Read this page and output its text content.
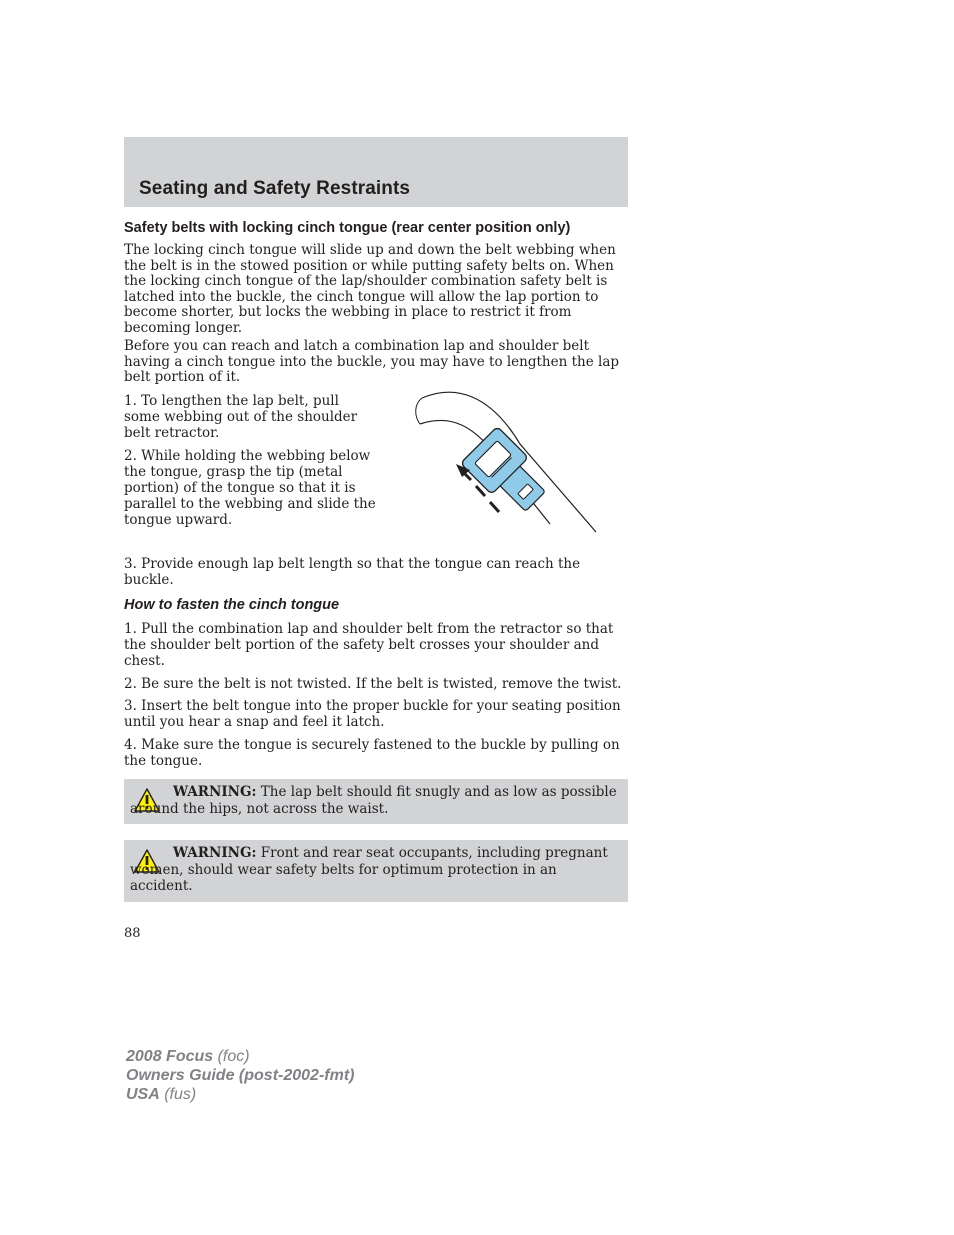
Seating and Safety Restraints
Safety belts with locking cinch tongue (rear center position only)

The locking cinch tongue will slide up and down the belt webbing when the belt is in the stowed position or while putting safety belts on. When the locking cinch tongue of the lap/shoulder combination safety belt is latched into the buckle, the cinch tongue will allow the lap portion to become shorter, but locks the webbing in place to restrict it from becoming longer.

Before you can reach and latch a combination lap and shoulder belt having a cinch tongue into the buckle, you may have to lengthen the lap belt portion of it.

1. To lengthen the lap belt, pull some webbing out of the shoulder belt retractor.

2. While holding the webbing below the tongue, grasp the tip (metal portion) of the tongue so that it is parallel to the webbing and slide the tongue upward.

3. Provide enough lap belt length so that the tongue can reach the buckle.

How to fasten the cinch tongue

1. Pull the combination lap and shoulder belt from the retractor so that the shoulder belt portion of the safety belt crosses your shoulder and chest.

2. Be sure the belt is not twisted. If the belt is twisted, remove the twist.

3. Insert the belt tongue into the proper buckle for your seating position until you hear a snap and feel it latch.

4. Make sure the tongue is securely fastened to the buckle by pulling on the tongue.

WARNING: The lap belt should fit snugly and as low as possible around the hips, not across the waist.

WARNING: Front and rear seat occupants, including pregnant women, should wear safety belts for optimum protection in an accident.

88

2008 Focus (foc)
Owners Guide (post-2002-fmt)
USA (fus)
